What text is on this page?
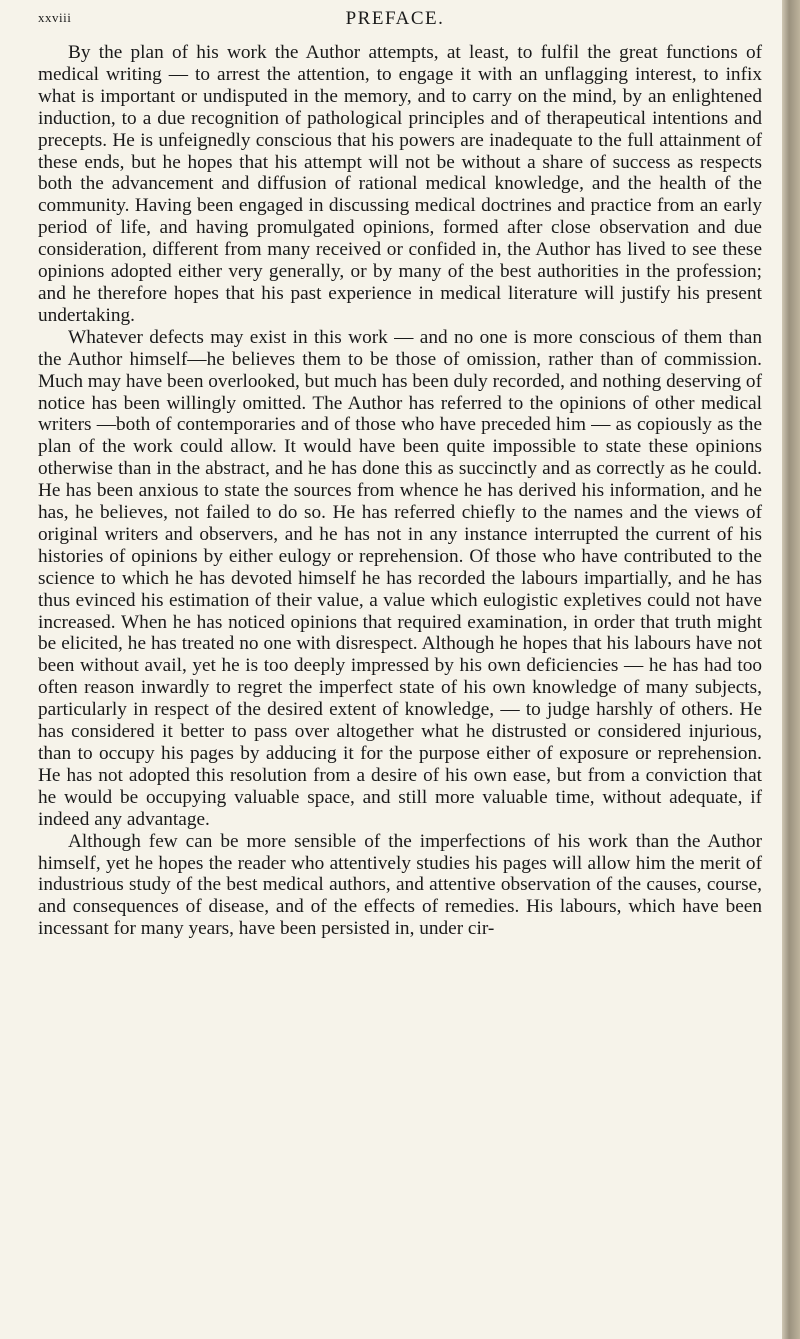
xxviii	PREFACE.

By the plan of his work the Author attempts, at least, to fulfil the great functions of medical writing — to arrest the attention, to engage it with an unflagging interest, to infix what is important or undisputed in the memory, and to carry on the mind, by an enlightened induction, to a due recognition of pathological principles and of therapeutical intentions and precepts. He is unfeignedly conscious that his powers are inadequate to the full attainment of these ends, but he hopes that his attempt will not be without a share of success as respects both the advancement and diffusion of rational medical knowledge, and the health of the community. Having been engaged in discussing medical doctrines and practice from an early period of life, and having promulgated opinions, formed after close observation and due consideration, different from many received or confided in, the Author has lived to see these opinions adopted either very generally, or by many of the best authorities in the profession; and he therefore hopes that his past experience in medical literature will justify his present undertaking.

Whatever defects may exist in this work — and no one is more conscious of them than the Author himself—he believes them to be those of omission, rather than of commission. Much may have been overlooked, but much has been duly recorded, and nothing deserving of notice has been willingly omitted. The Author has referred to the opinions of other medical writers —both of contemporaries and of those who have preceded him — as copiously as the plan of the work could allow. It would have been quite impossible to state these opinions otherwise than in the abstract, and he has done this as succinctly and as correctly as he could. He has been anxious to state the sources from whence he has derived his information, and he has, he believes, not failed to do so. He has referred chiefly to the names and the views of original writers and observers, and he has not in any instance interrupted the current of his histories of opinions by either eulogy or reprehension. Of those who have contributed to the science to which he has devoted himself he has recorded the labours impartially, and he has thus evinced his estimation of their value, a value which eulogistic expletives could not have increased. When he has noticed opinions that required examination, in order that truth might be elicited, he has treated no one with disrespect. Although he hopes that his labours have not been without avail, yet he is too deeply impressed by his own deficiencies — he has had too often reason inwardly to regret the imperfect state of his own knowledge of many subjects, particularly in respect of the desired extent of knowledge, — to judge harshly of others. He has considered it better to pass over altogether what he distrusted or considered injurious, than to occupy his pages by adducing it for the purpose either of exposure or reprehension. He has not adopted this resolution from a desire of his own ease, but from a conviction that he would be occupying valuable space, and still more valuable time, without adequate, if indeed any advantage.

Although few can be more sensible of the imperfections of his work than the Author himself, yet he hopes the reader who attentively studies his pages will allow him the merit of industrious study of the best medical authors, and attentive observation of the causes, course, and consequences of disease, and of the effects of remedies. His labours, which have been incessant for many years, have been persisted in, under cir-
